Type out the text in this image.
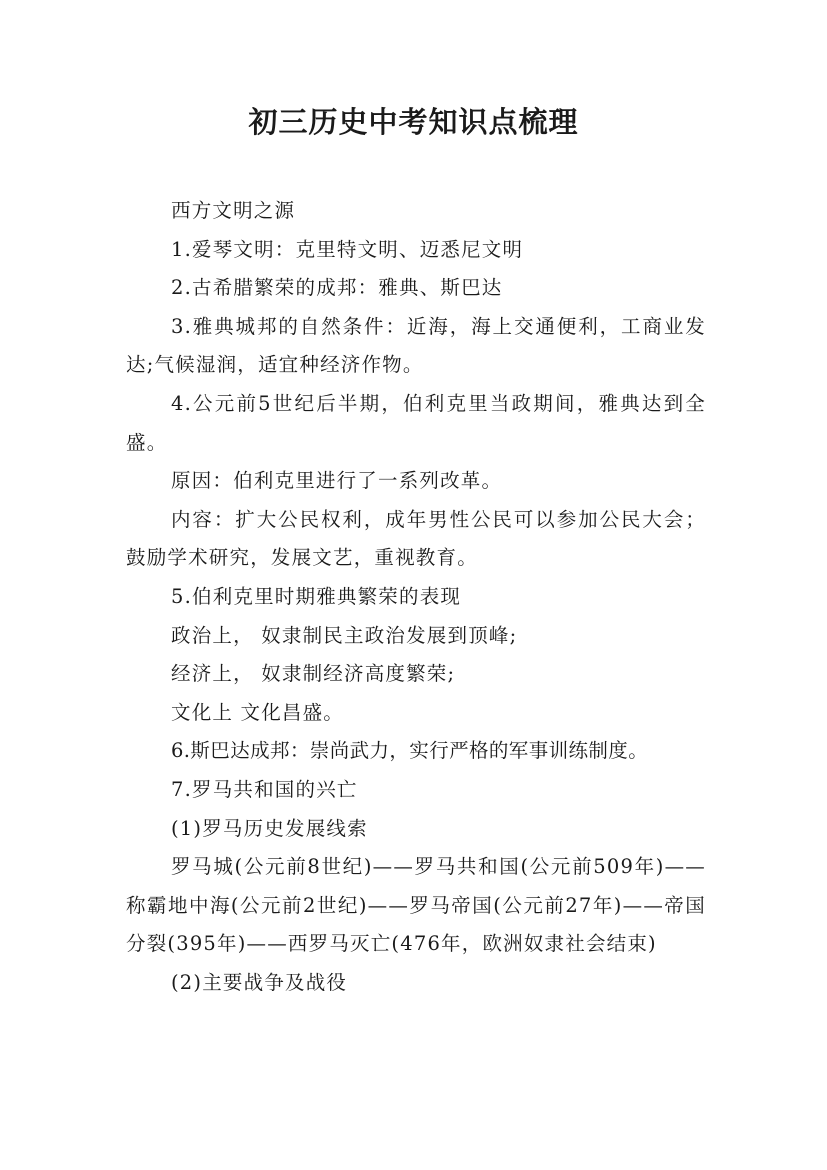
初三历史中考知识点梳理

西方文明之源

1.爱琴文明：克里特文明、迈悉尼文明

2.古希腊繁荣的成邦：雅典、斯巴达

3.雅典城邦的自然条件：近海，海上交通便利，工商业发达;气候湿润，适宜种经济作物。

4.公元前5世纪后半期，伯利克里当政期间，雅典达到全盛。

原因：伯利克里进行了一系列改革。

内容：扩大公民权利，成年男性公民可以参加公民大会；鼓励学术研究，发展文艺，重视教育。

5.伯利克里时期雅典繁荣的表现

政治上， 奴隶制民主政治发展到顶峰;

经济上， 奴隶制经济高度繁荣;

文化上 文化昌盛。

6.斯巴达成邦：崇尚武力，实行严格的军事训练制度。

7.罗马共和国的兴亡

(1)罗马历史发展线索

罗马城(公元前8世纪)——罗马共和国(公元前509年)——称霸地中海(公元前2世纪)——罗马帝国(公元前27年)——帝国分裂(395年)——西罗马灭亡(476年，欧洲奴隶社会结束)

(2)主要战争及战役
